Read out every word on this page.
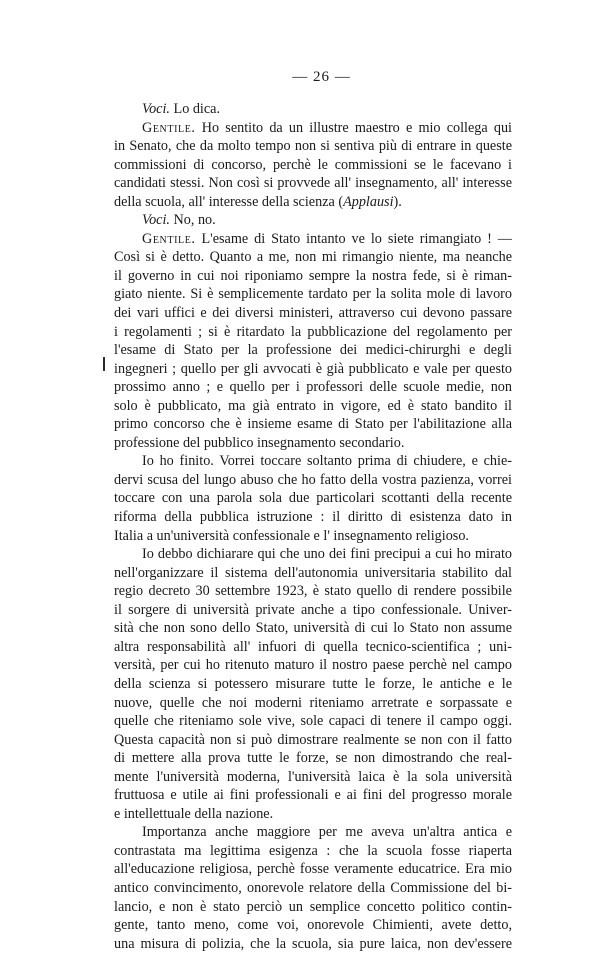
— 26 —
Voci. Lo dica.
Gentile. Ho sentito da un illustre maestro e mio collega qui
in Senato, che da molto tempo non si sentiva più di entrare in queste
commissioni di concorso, perchè le commissioni se le facevano i
candidati stessi. Non così si provvede all' insegnamento, all' interesse
della scuola, all' interesse della scienza (Applausi).
Voci. No, no.
Gentile. L'esame di Stato intanto ve lo siete rimangiato ! —
Così si è detto. Quanto a me, non mi rimangio niente, ma neanche
il governo in cui noi riponiamo sempre la nostra fede, si è riman-
giato niente. Si è semplicemente tardato per la solita mole di lavoro
dei vari uffici e dei diversi ministeri, attraverso cui devono passare
i regolamenti ; si è ritardato la pubblicazione del regolamento per
l'esame di Stato per la professione dei medici-chirurghi e degli
ingegneri ; quello per gli avvocati è già pubblicato e vale per questo
prossimo anno ; e quello per i professori delle scuole medie, non
solo è pubblicato, ma già entrato in vigore, ed è stato bandito il
primo concorso che è insieme esame di Stato per l'abilitazione alla
professione del pubblico insegnamento secondario.
Io ho finito. Vorrei toccare soltanto prima di chiudere, e chie-
dervi scusa del lungo abuso che ho fatto della vostra pazienza, vorrei
toccare con una parola sola due particolari scottanti della recente
riforma della pubblica istruzione : il diritto di esistenza dato in
Italia a un'università confessionale e l' insegnamento religioso.
Io debbo dichiarare qui che uno dei fini precipui a cui ho mirato
nell'organizzare il sistema dell'autonomia universitaria stabilito dal
regio decreto 30 settembre 1923, è stato quello di rendere possibile
il sorgere di università private anche a tipo confessionale. Univer-
sità che non sono dello Stato, università di cui lo Stato non assume
altra responsabilità all' infuori di quella tecnico-scientifica ; uni-
versità, per cui ho ritenuto maturo il nostro paese perchè nel campo
della scienza si potessero misurare tutte le forze, le antiche e le
nuove, quelle che noi moderni riteniamo arretrate e sorpassate e
quelle che riteniamo sole vive, sole capaci di tenere il campo oggi.
Questa capacità non si può dimostrare realmente se non con il fatto
di mettere alla prova tutte le forze, se non dimostrando che real-
mente l'università moderna, l'università laica è la sola università
fruttuosa e utile ai fini professionali e ai fini del progresso morale
e intellettuale della nazione.
Importanza anche maggiore per me aveva un'altra antica e
contrastata ma legittima esigenza : che la scuola fosse riaperta
all'educazione religiosa, perchè fosse veramente educatrice. Era mio
antico convincimento, onorevole relatore della Commissione del bi-
lancio, e non è stato perciò un semplice concetto politico contin-
gente, tanto meno, come voi, onorevole Chimienti, avete detto,
una misura di polizia, che la scuola, sia pure laica, non dev'essere
